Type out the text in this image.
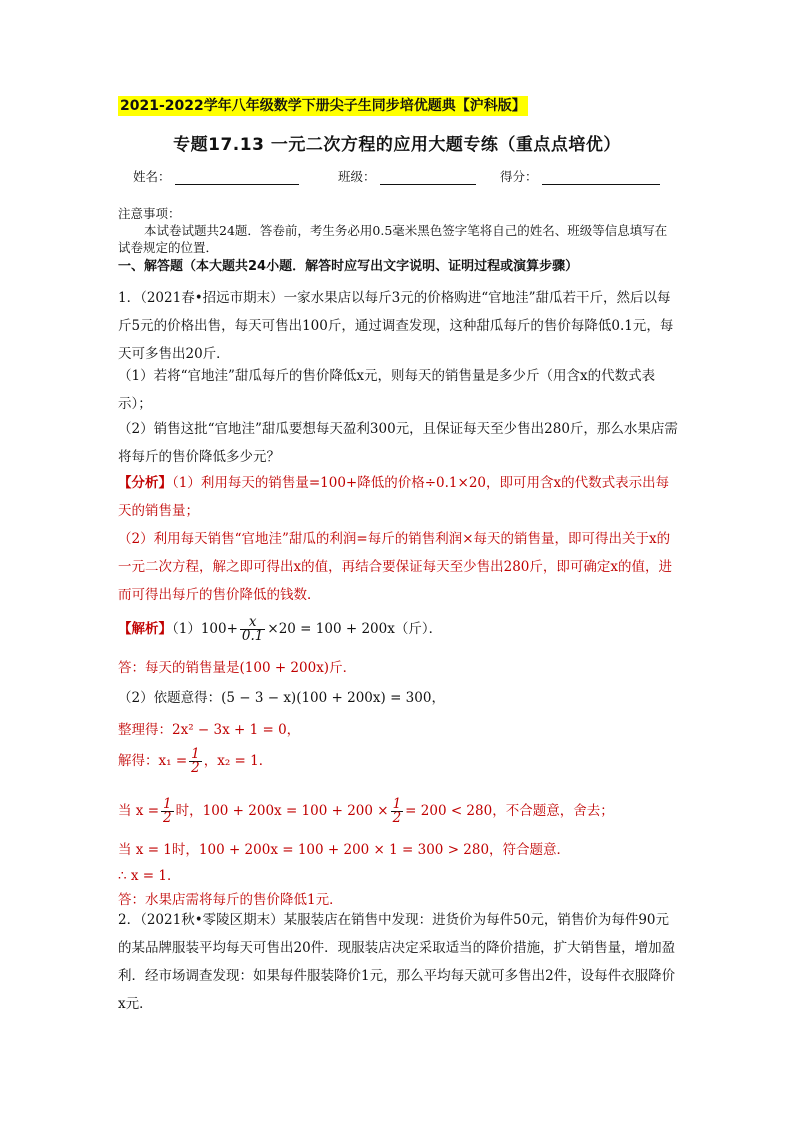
2021-2022学年八年级数学下册尖子生同步培优题典【沪科版】
专题17.13 一元二次方程的应用大题专练（重点点培优）
姓名：	班级：	得分：
注意事项：
本试卷试题共24题．答卷前，考生务必用0.5毫米黑色签字笔将自己的姓名、班级等信息填写在试卷规定的位置．
一、解答题（本大题共24小题．解答时应写出文字说明、证明过程或演算步骤）
1．（2021春•招远市期末）一家水果店以每斤3元的价格购进“官地洼”甜瓜若干斤，然后以每斤5元的价格出售，每天可售出100斤，通过调查发现，这种甜瓜每斤的售价每降低0.1元，每天可多售出20斤．
（1）若将“官地洼”甜瓜每斤的售价降低x元，则每天的销售量是多少斤（用含x的代数式表示）；
（2）销售这批“官地洼”甜瓜要想每天盈利300元，且保证每天至少售出280斤，那么水果店需将每斤的售价降低多少元？
【分析】（1）利用每天的销售量=100+降低的价格÷0.1×20，即可用含x的代数式表示出每天的销售量；
（2）利用每天销售“官地洼”甜瓜的利润=每斤的销售利润×每天的销售量，即可得出关于x的一元二次方程，解之即可得出x的值，再结合要保证每天至少售出280斤，即可确定x的值，进而可得出每斤的售价降低的钱数．
【解析】$(1)100+ \frac{x}{0.1} \times 20 = 100 + 200x$（斤）．
答：每天的销售量是(100 + 200x)斤．
（2）依题意得：(5 − 3 − x)(100 + 200x) = 300，
整理得：2x² − 3x + 1 = 0，
解得：$x_1 = \frac{1}{2}$ ，x₂ = 1．
当 $x = \frac{1}{2}$ 时，$100 + 200x = 100 + 200 \times \frac{1}{2} = 200 < 280$，不合题意，舍去；
当 x = 1时，100 + 200x = 100 + 200 × 1 = 300 > 280，符合题意．
∴ x = 1．
答：水果店需将每斤的售价降低1元．
2．（2021秋•零陵区期末）某服装店在销售中发现：进货价为每件50元，销售价为每件90元的某品牌服装平均每天可售出20件．现服装店决定采取适当的降价措施，扩大销售量，增加盈利．经市场调查发现：如果每件服装降价1元，那么平均每天就可多售出2件，设每件衣服降价x元．
